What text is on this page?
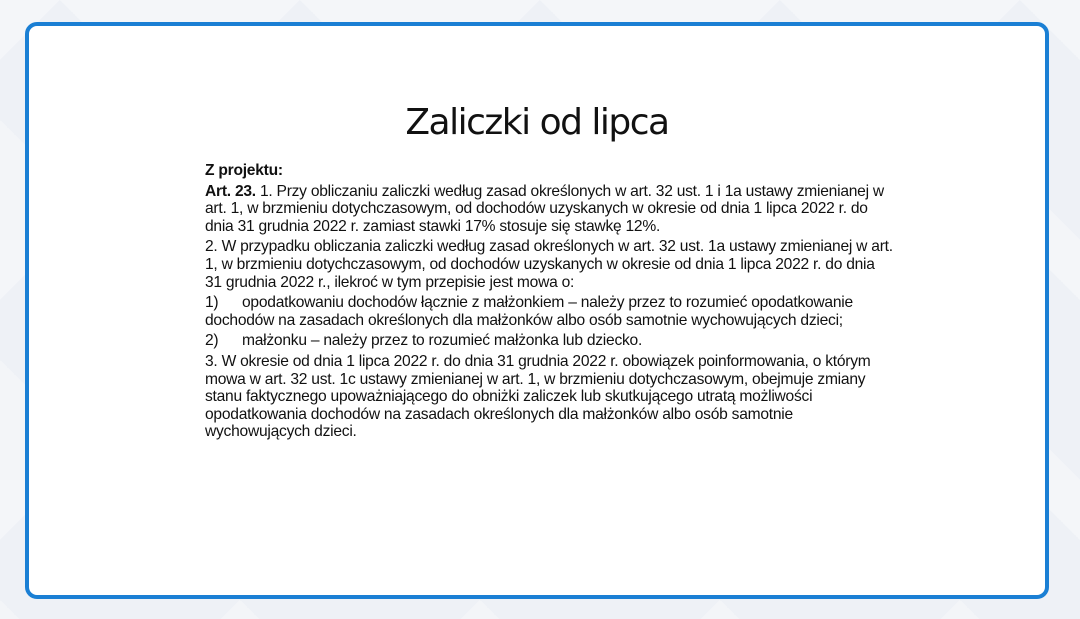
Zaliczki od lipca

Z projektu:

Art. 23. 1. Przy obliczaniu zaliczki według zasad określonych w art. 32 ust. 1 i 1a ustawy zmienianej w art. 1, w brzmieniu dotychczasowym, od dochodów uzyskanych w okresie od dnia 1 lipca 2022 r. do dnia 31 grudnia 2022 r. zamiast stawki 17% stosuje się stawkę 12%.

2. W przypadku obliczania zaliczki według zasad określonych w art. 32 ust. 1a ustawy zmienianej w art. 1, w brzmieniu dotychczasowym, od dochodów uzyskanych w okresie od dnia 1 lipca 2022 r. do dnia 31 grudnia 2022 r., ilekroć w tym przepisie jest mowa o:

1) opodatkowaniu dochodów łącznie z małżonkiem – należy przez to rozumieć opodatkowanie dochodów na zasadach określonych dla małżonków albo osób samotnie wychowujących dzieci;

2) małżonku – należy przez to rozumieć małżonka lub dziecko.

3. W okresie od dnia 1 lipca 2022 r. do dnia 31 grudnia 2022 r. obowiązek poinformowania, o którym mowa w art. 32 ust. 1c ustawy zmienianej w art. 1, w brzmieniu dotychczasowym, obejmuje zmiany stanu faktycznego upoważniającego do obniżki zaliczek lub skutkującego utratą możliwości opodatkowania dochodów na zasadach określonych dla małżonków albo osób samotnie wychowujących dzieci.
